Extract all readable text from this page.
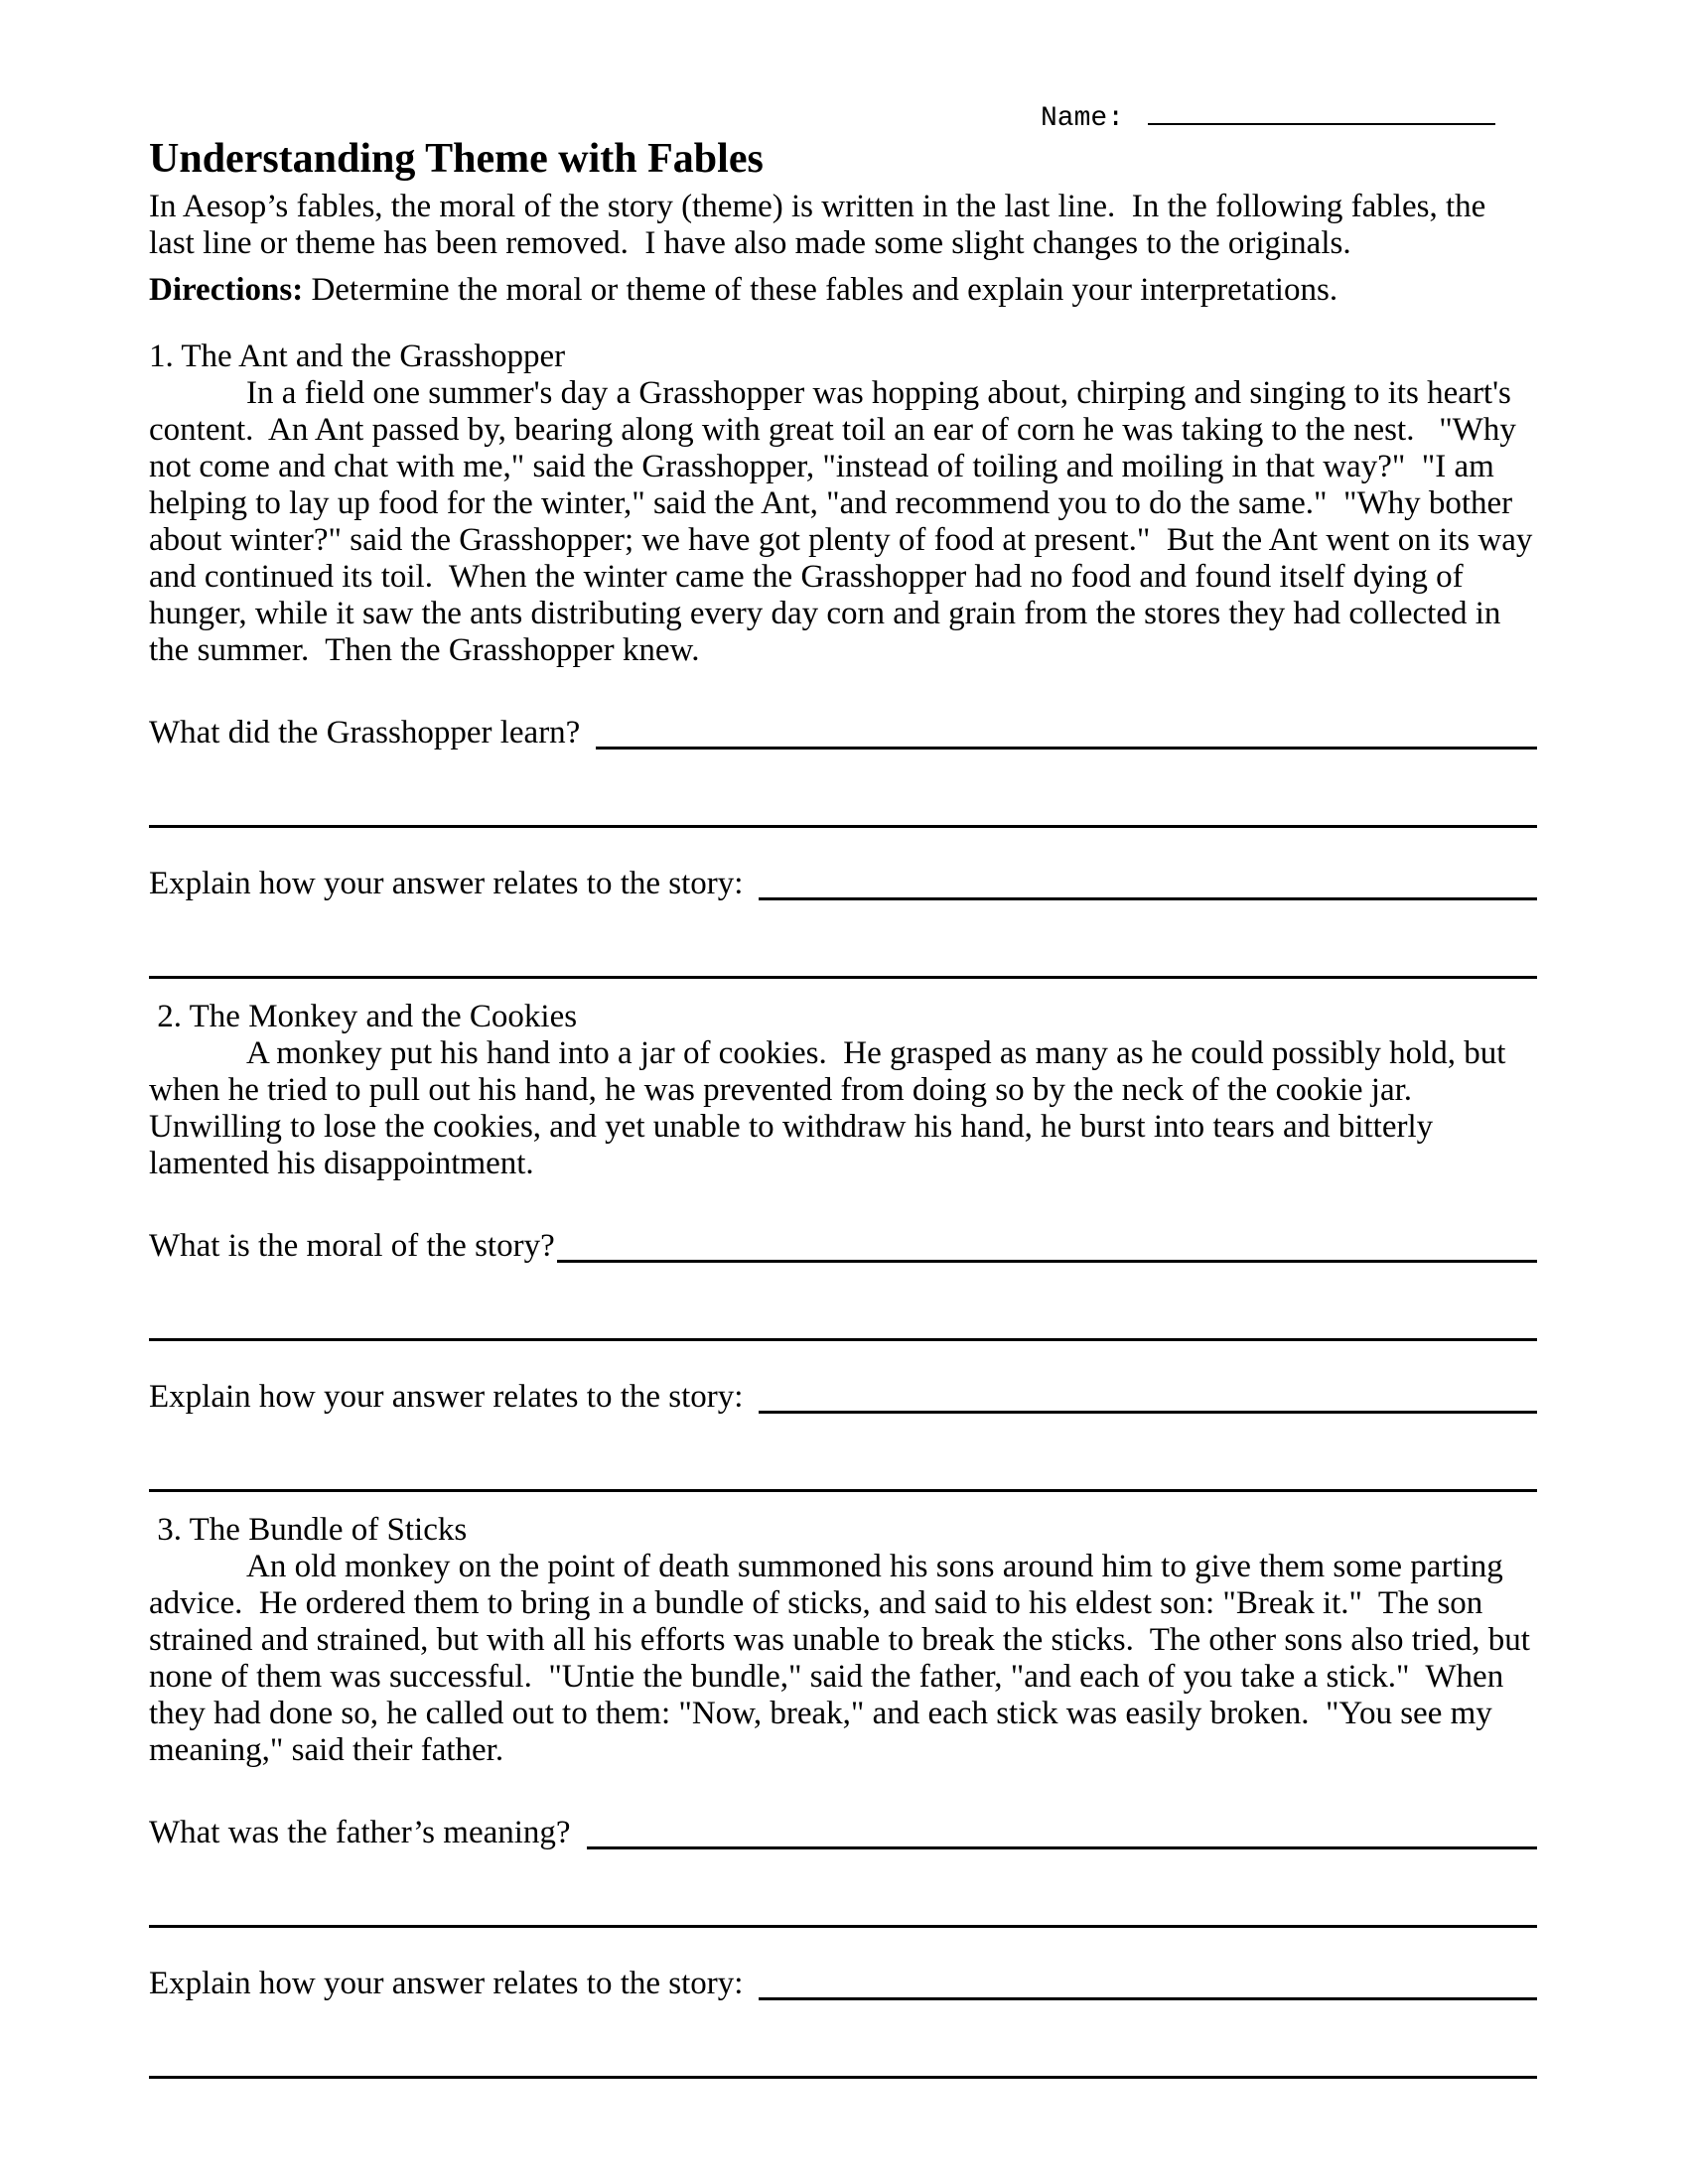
Name:
Understanding Theme with Fables

In Aesop’s fables, the moral of the story (theme) is written in the last line.  In the following fables, the last line or theme has been removed.  I have also made some slight changes to the originals.

Directions: Determine the moral or theme of these fables and explain your interpretations.

1. The Ant and the Grasshopper

In a field one summer's day a Grasshopper was hopping about, chirping and singing to its heart's content.  An Ant passed by, bearing along with great toil an ear of corn he was taking to the nest.   "Why not come and chat with me," said the Grasshopper, "instead of toiling and moiling in that way?"  "I am helping to lay up food for the winter," said the Ant, "and recommend you to do the same."  "Why bother about winter?" said the Grasshopper; we have got plenty of food at present."  But the Ant went on its way and continued its toil.  When the winter came the Grasshopper had no food and found itself dying of hunger, while it saw the ants distributing every day corn and grain from the stores they had collected in the summer.  Then the Grasshopper knew.

What did the Grasshopper learn?
Explain how your answer relates to the story:
2. The Monkey and the Cookies

A monkey put his hand into a jar of cookies.  He grasped as many as he could possibly hold, but when he tried to pull out his hand, he was prevented from doing so by the neck of the cookie jar.  Unwilling to lose the cookies, and yet unable to withdraw his hand, he burst into tears and bitterly lamented his disappointment.

What is the moral of the story?
Explain how your answer relates to the story:
3. The Bundle of Sticks

An old monkey on the point of death summoned his sons around him to give them some parting advice.  He ordered them to bring in a bundle of sticks, and said to his eldest son: "Break it."  The son strained and strained, but with all his efforts was unable to break the sticks.  The other sons also tried, but none of them was successful.  "Untie the bundle," said the father, "and each of you take a stick."  When they had done so, he called out to them: "Now, break," and each stick was easily broken.  "You see my meaning," said their father.

What was the father’s meaning?
Explain how your answer relates to the story:
